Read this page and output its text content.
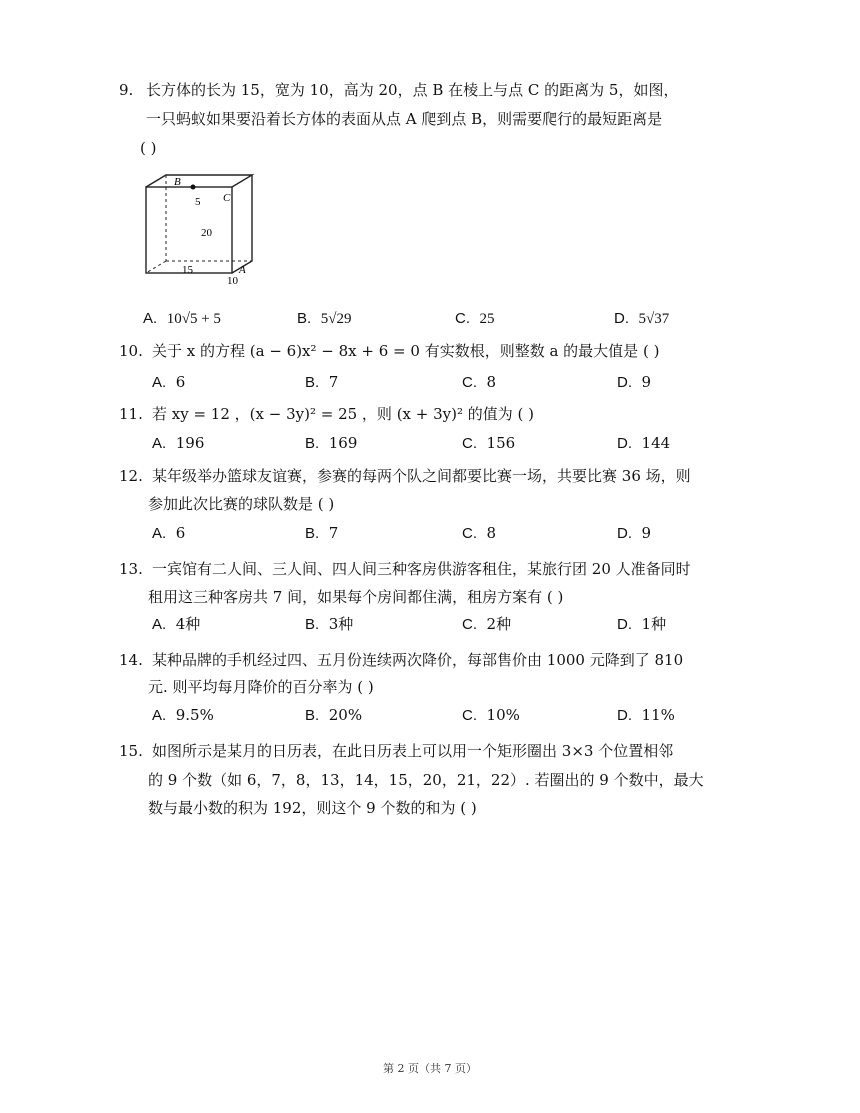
9. 长方体的长为 15，宽为 10，高为 20，点 B 在棱上与点 C 的距离为 5，如图，
一只蚂蚁如果要沿着长方体的表面从点 A 爬到点 B，则需要爬行的最短距离是
( )
B
C
A
5
20
15
10
A. 10√5 + 5	B. 5√29	C. 25	D. 5√37
10. 关于 x 的方程 (a − 6)x² − 8x + 6 = 0 有实数根，则整数 a 的最大值是 ( )
A. 6	B. 7	C. 8	D. 9
11. 若 xy = 12 ，(x − 3y)² = 25 ，则 (x + 3y)² 的值为 ( )
A. 196	B. 169	C. 156	D. 144
12. 某年级举办篮球友谊赛，参赛的每两个队之间都要比赛一场，共要比赛 36 场，则
参加此次比赛的球队数是 ( )
A. 6	B. 7	C. 8	D. 9
13. 一宾馆有二人间、三人间、四人间三种客房供游客租住，某旅行团 20 人准备同时
租用这三种客房共 7 间，如果每个房间都住满，租房方案有 ( )
A. 4种	B. 3种	C. 2种	D. 1种
14. 某种品牌的手机经过四、五月份连续两次降价，每部售价由 1000 元降到了 810
元. 则平均每月降价的百分率为 ( )
A. 9.5%	B. 20%	C. 10%	D. 11%
15. 如图所示是某月的日历表，在此日历表上可以用一个矩形圈出 3×3 个位置相邻
的 9 个数（如 6，7，8，13，14，15，20，21，22）. 若圈出的 9 个数中，最大
数与最小数的积为 192，则这个 9 个数的和为 ( )
第 2 页（共 7 页）
